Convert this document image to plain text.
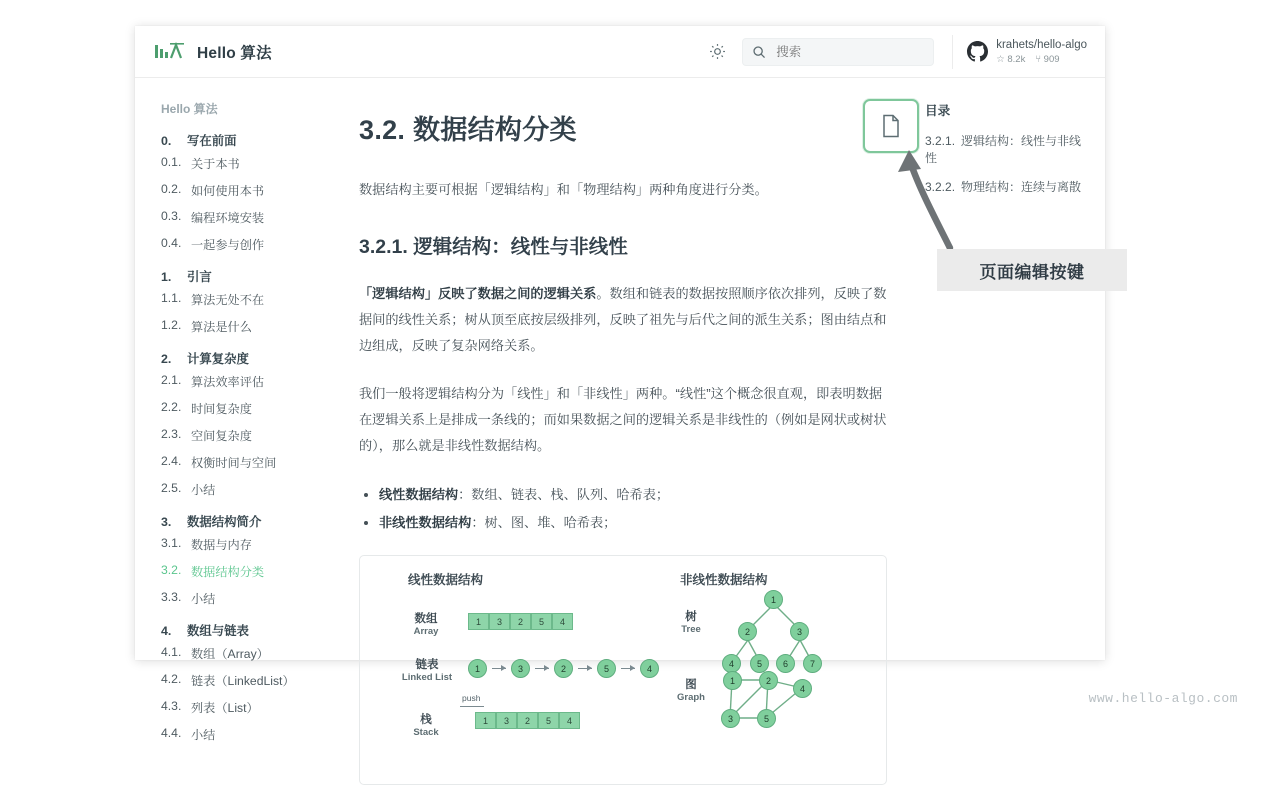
Hello 算法
搜索	krahets/hello-algo
☆ 8.2k ⑂ 909
Hello 算法
0. 写在前面
0.1. 关于本书
0.2. 如何使用本书
0.3. 编程环境安装
0.4. 一起参与创作
1. 引言
1.1. 算法无处不在
1.2. 算法是什么
2. 计算复杂度
2.1. 算法效率评估
2.2. 时间复杂度
2.3. 空间复杂度
2.4. 权衡时间与空间
2.5. 小结
3. 数据结构简介
3.1. 数据与内存
3.2. 数据结构分类
3.3. 小结
4. 数组与链表
4.1. 数组（Array）
4.2. 链表（LinkedList）
4.3. 列表（List）
4.4. 小结
3.2. 数据结构分类

数据结构主要可根据「逻辑结构」和「物理结构」两种角度进行分类。

3.2.1. 逻辑结构：线性与非线性

「逻辑结构」反映了数据之间的逻辑关系。数组和链表的数据按照顺序依次排列，反映了数据间的线性关系；树从顶至底按层级排列，反映了祖先与后代之间的派生关系；图由结点和边组成，反映了复杂网络关系。

我们一般将逻辑结构分为「线性」和「非线性」两种。“线性”这个概念很直观，即表明数据在逻辑关系上是排成一条线的；而如果数据之间的逻辑关系是非线性的（例如是网状或树状的），那么就是非线性数据结构。

• 线性数据结构：数组、链表、栈、队列、哈希表；
• 非线性数据结构：树、图、堆、哈希表；
线性数据结构	非线性数据结构
数组
Array
1	3	2	5	4
链表
Linked List
1	3	2	5	4
栈
Stack
push
1	3	2	5	4
树
Tree
1
2	3
4	5	6	7
图
Graph
1	2
3
4
5
目录
3.2.1. 逻辑结构：线性与非线性
3.2.2. 物理结构：连续与离散
页面编辑按键
www.hello-algo.com
